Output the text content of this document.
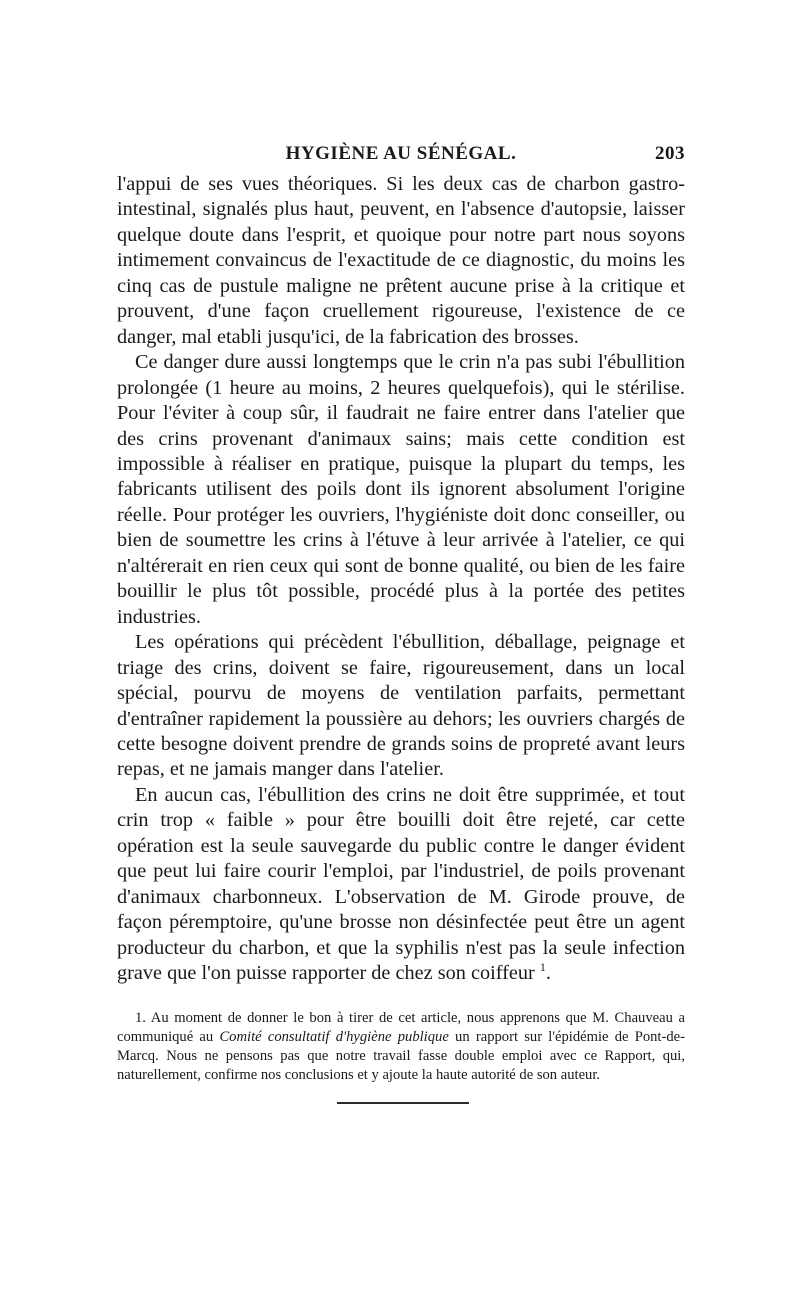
HYGIÈNE AU SÉNÉGAL.	203

l'appui de ses vues théoriques. Si les deux cas de charbon gastro-intestinal, signalés plus haut, peuvent, en l'absence d'autopsie, laisser quelque doute dans l'esprit, et quoique pour notre part nous soyons intimement convaincus de l'exactitude de ce diagnostic, du moins les cinq cas de pustule maligne ne prêtent aucune prise à la critique et prouvent, d'une façon cruellement rigoureuse, l'existence de ce danger, mal etabli jusqu'ici, de la fabrication des brosses.

Ce danger dure aussi longtemps que le crin n'a pas subi l'ébullition prolongée (1 heure au moins, 2 heures quelquefois), qui le stérilise. Pour l'éviter à coup sûr, il faudrait ne faire entrer dans l'atelier que des crins provenant d'animaux sains; mais cette condition est impossible à réaliser en pratique, puisque la plupart du temps, les fabricants utilisent des poils dont ils ignorent absolument l'origine réelle. Pour protéger les ouvriers, l'hygiéniste doit donc conseiller, ou bien de soumettre les crins à l'étuve à leur arrivée à l'atelier, ce qui n'altérerait en rien ceux qui sont de bonne qualité, ou bien de les faire bouillir le plus tôt possible, procédé plus à la portée des petites industries.

Les opérations qui précèdent l'ébullition, déballage, peignage et triage des crins, doivent se faire, rigoureusement, dans un local spécial, pourvu de moyens de ventilation parfaits, permettant d'entraîner rapidement la poussière au dehors; les ouvriers chargés de cette besogne doivent prendre de grands soins de propreté avant leurs repas, et ne jamais manger dans l'atelier.

En aucun cas, l'ébullition des crins ne doit être supprimée, et tout crin trop « faible » pour être bouilli doit être rejeté, car cette opération est la seule sauvegarde du public contre le danger évident que peut lui faire courir l'emploi, par l'industriel, de poils provenant d'animaux charbonneux. L'observation de M. Girode prouve, de façon péremptoire, qu'une brosse non désinfectée peut être un agent producteur du charbon, et que la syphilis n'est pas la seule infection grave que l'on puisse rapporter de chez son coiffeur $^1$.

1. Au moment de donner le bon à tirer de cet article, nous apprenons que M. Chauveau a communiqué au Comité consultatif d'hygiène publique un rapport sur l'épidémie de Pont-de-Marcq. Nous ne pensons pas que notre travail fasse double emploi avec ce Rapport, qui, naturellement, confirme nos conclusions et y ajoute la haute autorité de son auteur.
